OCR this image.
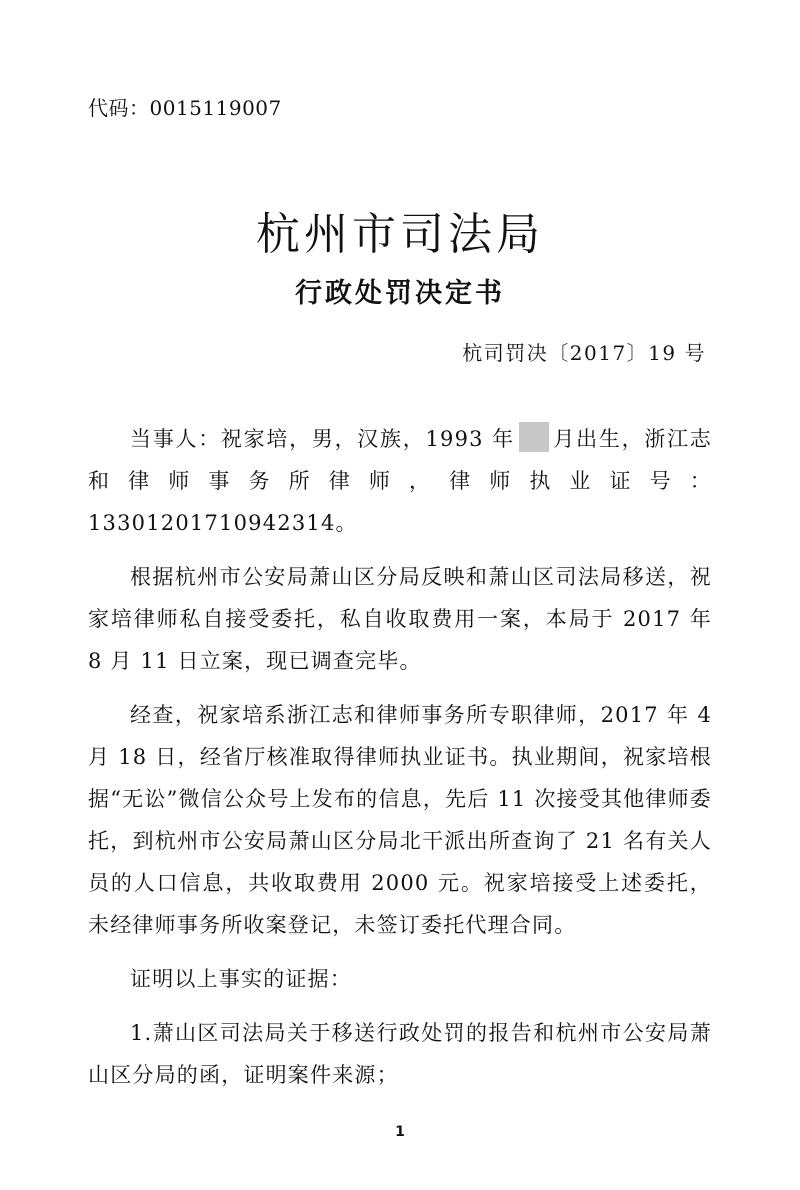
代码：0015119007
杭州市司法局
行政处罚决定书
杭司罚决〔2017〕19 号

当事人：祝家培，男，汉族，1993 年 月出生，浙江志和律师事务所律师，律师执业证号：13301201710942314。

根据杭州市公安局萧山区分局反映和萧山区司法局移送，祝家培律师私自接受委托，私自收取费用一案，本局于 2017 年 8 月 11 日立案，现已调查完毕。

经查，祝家培系浙江志和律师事务所专职律师，2017 年 4 月 18 日，经省厅核准取得律师执业证书。执业期间，祝家培根据“无讼”微信公众号上发布的信息，先后 11 次接受其他律师委托，到杭州市公安局萧山区分局北干派出所查询了 21 名有关人员的人口信息，共收取费用 2000 元。祝家培接受上述委托，未经律师事务所收案登记，未签订委托代理合同。

证明以上事实的证据：

1.萧山区司法局关于移送行政处罚的报告和杭州市公安局萧山区分局的函，证明案件来源；

1
